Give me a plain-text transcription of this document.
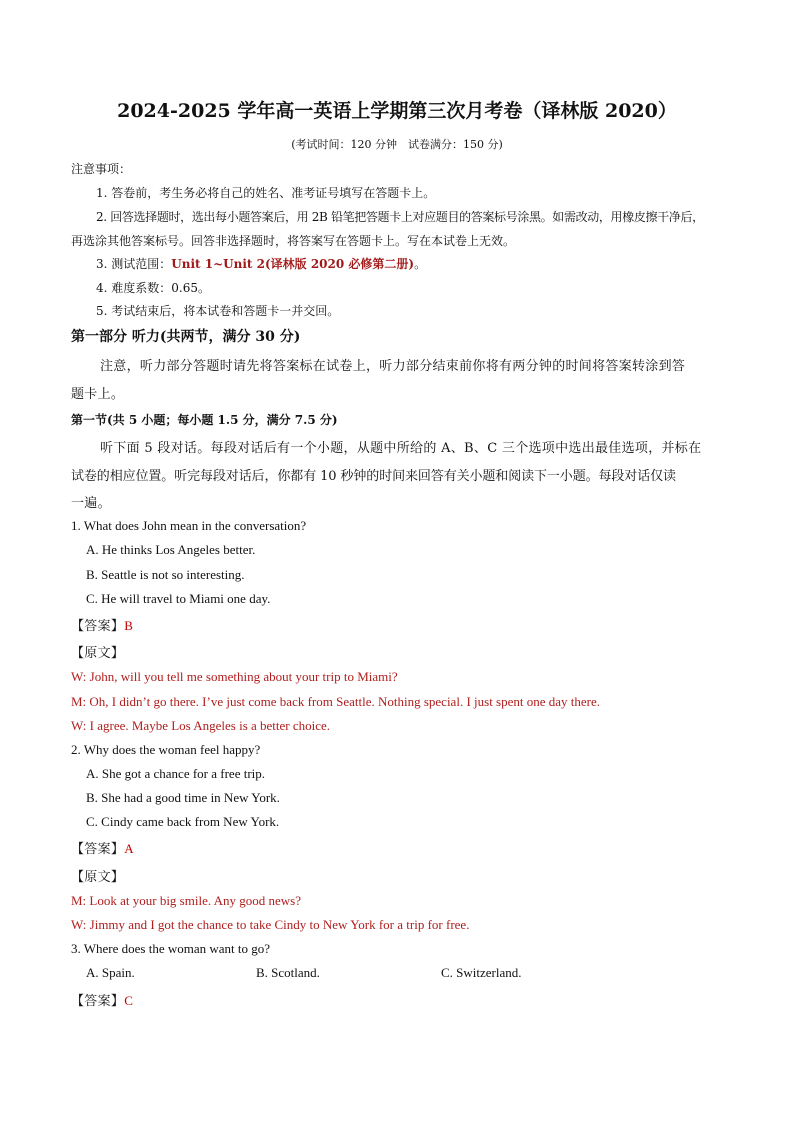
2024-2025 学年高一英语上学期第三次月考卷（译林版 2020）
(考试时间：120 分钟　试卷满分：150 分)
注意事项：
1. 答卷前，考生务必将自己的姓名、准考证号填写在答题卡上。
2. 回答选择题时，选出每小题答案后，用 2B 铅笔把答题卡上对应题目的答案标号涂黑。如需改动，用橡皮擦干净后，
再选涂其他答案标号。回答非选择题时，将答案写在答题卡上。写在本试卷上无效。
3. 测试范围：Unit 1~Unit 2(译林版 2020 必修第二册)。
4. 难度系数：0.65。
5. 考试结束后，将本试卷和答题卡一并交回。
第一部分 听力(共两节，满分 30 分)
注意，听力部分答题时请先将答案标在试卷上，听力部分结束前你将有两分钟的时间将答案转涂到答
题卡上。
第一节(共 5 小题；每小题 1.5 分，满分 7.5 分)
听下面 5 段对话。每段对话后有一个小题，从题中所给的 A、B、C 三个选项中选出最佳选项，并标在
试卷的相应位置。听完每段对话后，你都有 10 秒钟的时间来回答有关小题和阅读下一小题。每段对话仅读
一遍。
1. What does John mean in the conversation?
A. He thinks Los Angeles better.
B. Seattle is not so interesting.
C. He will travel to Miami one day.
【答案】B
【原文】
W: John, will you tell me something about your trip to Miami?
M: Oh, I didn’t go there. I’ve just come back from Seattle. Nothing special. I just spent one day there.
W: I agree. Maybe Los Angeles is a better choice.
2. Why does the woman feel happy?
A. She got a chance for a free trip.
B. She had a good time in New York.
C. Cindy came back from New York.
【答案】A
【原文】
M: Look at your big smile. Any good news?
W: Jimmy and I got the chance to take Cindy to New York for a trip for free.
3. Where does the woman want to go?
A. Spain.	B. Scotland.	C. Switzerland.
【答案】C
